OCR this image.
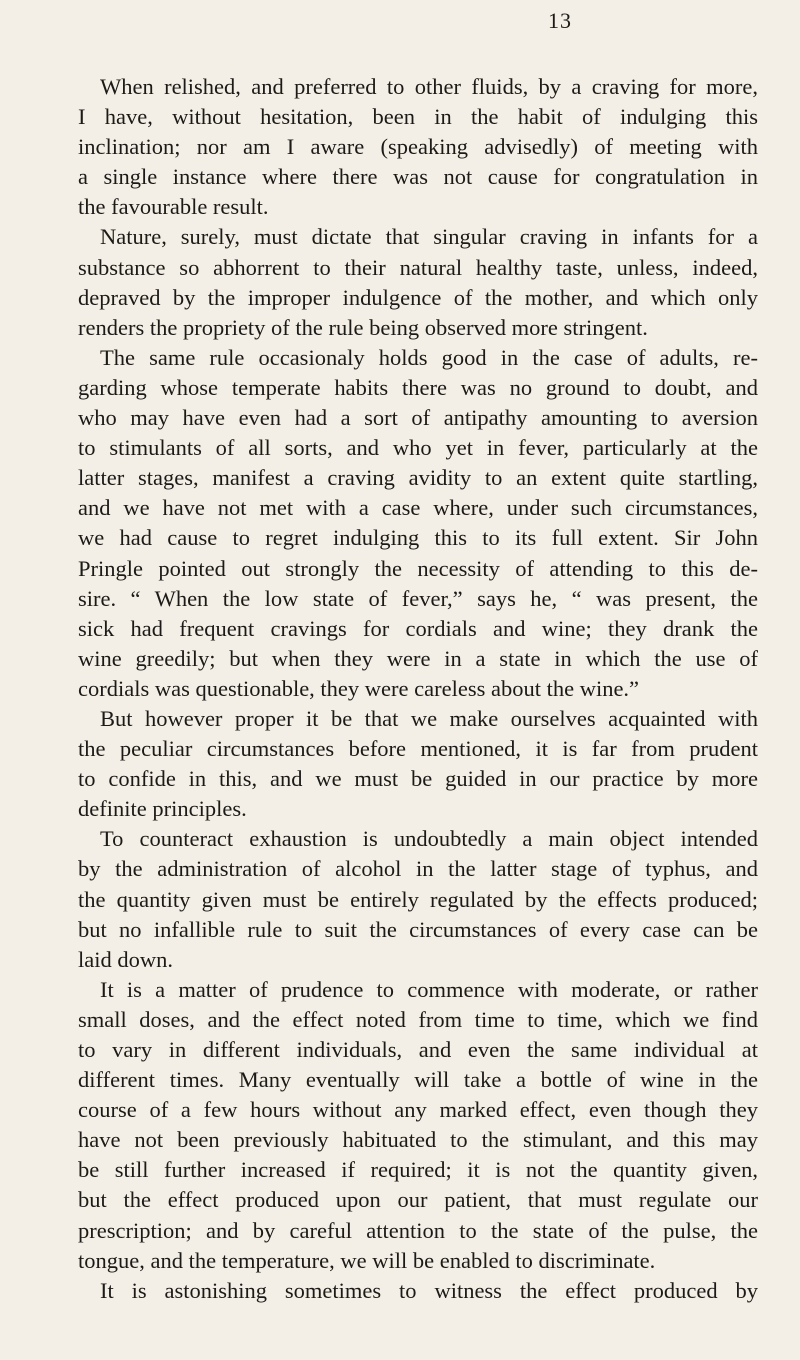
13
When relished, and preferred to other fluids, by a craving for more,
I have, without hesitation, been in the habit of indulging this
inclination; nor am I aware (speaking advisedly) of meeting with
a single instance where there was not cause for congratulation in
the favourable result.
Nature, surely, must dictate that singular craving in infants for a
substance so abhorrent to their natural healthy taste, unless, indeed,
depraved by the improper indulgence of the mother, and which only
renders the propriety of the rule being observed more stringent.
The same rule occasionaly holds good in the case of adults, re-
garding whose temperate habits there was no ground to doubt, and
who may have even had a sort of antipathy amounting to aversion
to stimulants of all sorts, and who yet in fever, particularly at the
latter stages, manifest a craving avidity to an extent quite startling,
and we have not met with a case where, under such circumstances,
we had cause to regret indulging this to its full extent. Sir John
Pringle pointed out strongly the necessity of attending to this de-
sire. “ When the low state of fever,” says he, “ was present, the
sick had frequent cravings for cordials and wine; they drank the
wine greedily; but when they were in a state in which the use of
cordials was questionable, they were careless about the wine.”
But however proper it be that we make ourselves acquainted with
the peculiar circumstances before mentioned, it is far from prudent
to confide in this, and we must be guided in our practice by more
definite principles.
To counteract exhaustion is undoubtedly a main object intended
by the administration of alcohol in the latter stage of typhus, and
the quantity given must be entirely regulated by the effects produced;
but no infallible rule to suit the circumstances of every case can be
laid down.
It is a matter of prudence to commence with moderate, or rather
small doses, and the effect noted from time to time, which we find
to vary in different individuals, and even the same individual at
different times. Many eventually will take a bottle of wine in the
course of a few hours without any marked effect, even though they
have not been previously habituated to the stimulant, and this may
be still further increased if required; it is not the quantity given,
but the effect produced upon our patient, that must regulate our
prescription; and by careful attention to the state of the pulse, the
tongue, and the temperature, we will be enabled to discriminate.
It is astonishing sometimes to witness the effect produced by
